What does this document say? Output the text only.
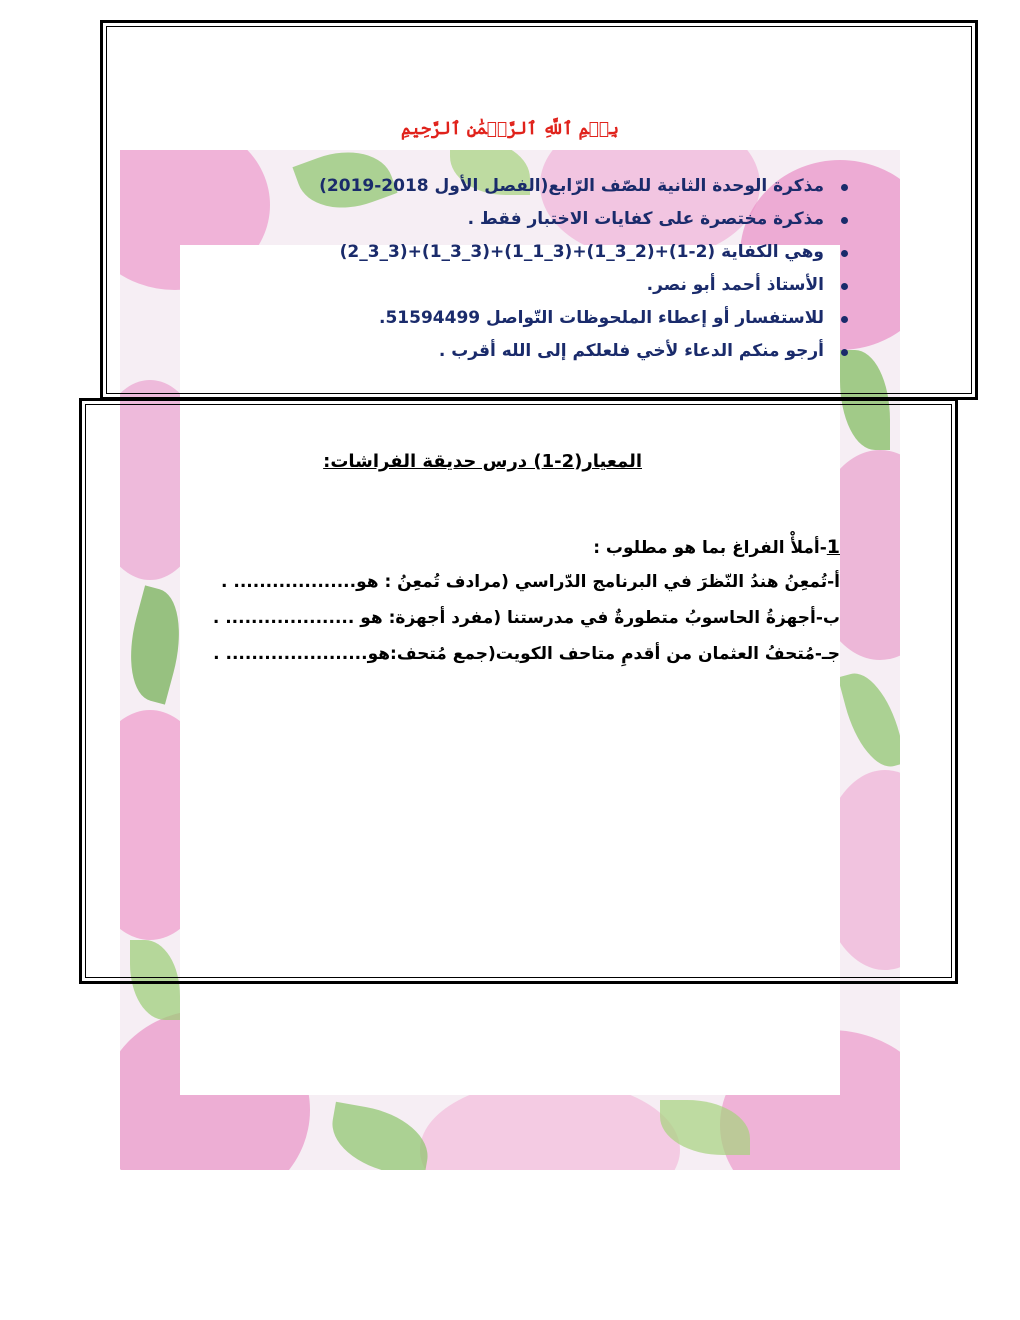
بِسۡمِ ٱللَّهِ ٱلرَّحۡمَٰنِ ٱلرَّحِيمِ
مذكرة الوحدة الثانية للصّف الرّابع(الفصل الأول 2018-2019)
مذكرة مختصرة على كفايات الاختبار فقط .
وهي الكفاية (2-1)+(2_3_1)+(3_1_1)+(3_3_1)+(3_3_2)
الأستاذ أحمد أبو نصر.
للاستفسار أو إعطاء الملحوظات التّواصل 51594499.
أرجو منكم الدعاء لأخي فلعلكم إلى الله أقرب .
المعيار(2-1) درس حديقة الفراشات:
1-أملأْ الفراغ بما هو مطلوب :
أ-تُمعِنُ هندُ النّظرَ في البرنامج الدّراسي (مرادف تُمعِنُ : هو................... .
ب-أجهزةُ الحاسوبُ متطورةٌ في مدرستنا (مفرد أجهزة: هو .................... .
جـ-مُتحفُ العثمان من أقدمِ متاحف الكويت(جمع مُتحف:هو...................... .
